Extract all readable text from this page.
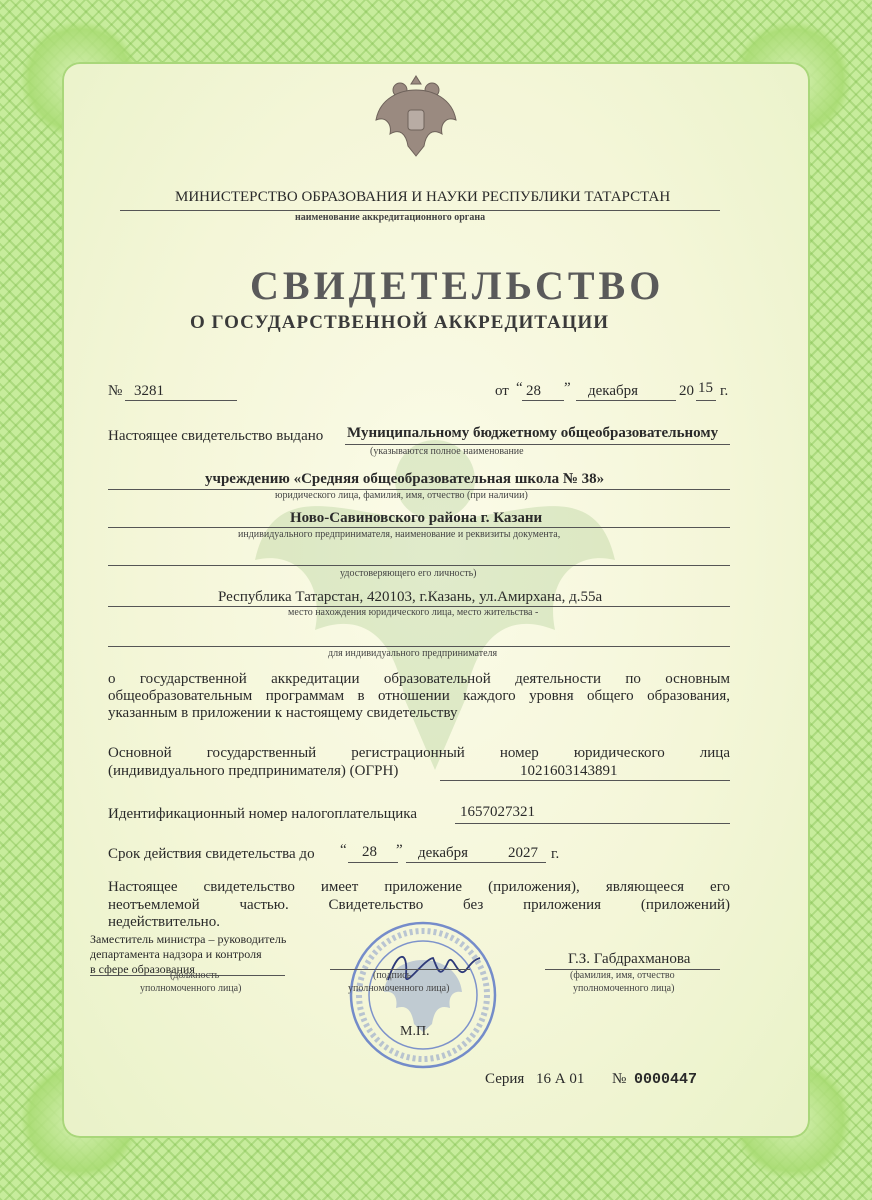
МИНИСТЕРСТВО ОБРАЗОВАНИЯ И НАУКИ РЕСПУБЛИКИ ТАТАРСТАН
наименование аккредитационного органа
СВИДЕТЕЛЬСТВО
О ГОСУДАРСТВЕННОЙ АККРЕДИТАЦИИ
№ 3281	от “ 28 ” декабря	20 15 г.
Настоящее свидетельство выдано Муниципальному бюджетному общеобразовательному
(указываются полное наименование
учреждению «Средняя общеобразовательная школа № 38»
юридического лица, фамилия, имя, отчество (при наличии)
Ново-Савиновского района г. Казани
индивидуального предпринимателя, наименование и реквизиты документа,
удостоверяющего его личность)
Республика Татарстан, 420103, г.Казань, ул.Амирхана, д.55а
место нахождения юридического лица, место жительства -
для индивидуального предпринимателя
о государственной аккредитации образовательной деятельности по основным
общеобразовательным программам в отношении каждого уровня общего образования,
указанным в приложении к настоящему свидетельству
Основной государственный регистрационный номер юридического лица
(индивидуального предпринимателя) (ОГРН)	1021603143891
Идентификационный номер налогоплательщика	1657027321
Срок действия свидетельства до “ 28 ” декабря	2027 г.
Настоящее свидетельство имеет приложение (приложения), являющееся его
неотъемлемой частью. Свидетельство без приложения (приложений)
недействительно.
Заместитель министра – руководитель
департамента надзора и контроля
в сфере образования
(должность
уполномоченного лица)
(подпись
уполномоченного лица)
Г.З. Габдрахманова
(фамилия, имя, отчество
уполномоченного лица)
М.П.
Серия 16 А 01 № 0000447
